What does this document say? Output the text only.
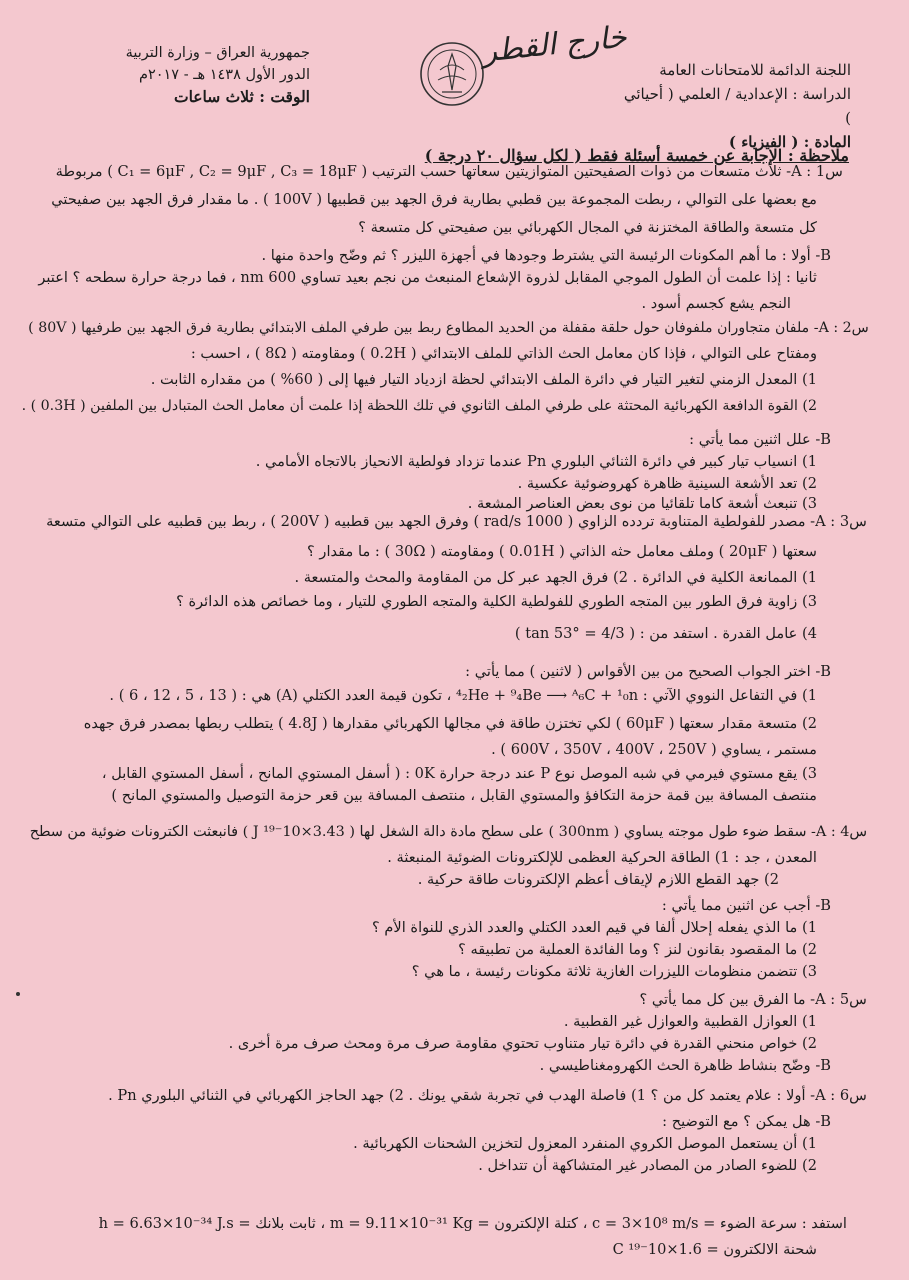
اللجنة الدائمة للامتحانات العامة
الدراسة : الإعدادية / العلمي ( أحيائي )
المادة : ( الفيزياء )
خارج القطر
جمهورية العراق – وزارة التربية
الدور الأول ١٤٣٨ هـ - ٢٠١٧م
الوقت : ثلاث ساعات
ملاحظة : الإجابة عن خمسة أسئلة فقط ( لكل سؤال ٢٠ درجة )
س1 : A- ثلاث متسعات من ذوات الصفيحتين المتوازيتين سعاتها حسب الترتيب ( C₁ = 6μF , C₂ = 9μF , C₃ = 18μF ) مربوطة
مع بعضها على التوالي ، ربطت المجموعة بين قطبي بطارية فرق الجهد بين قطبيها ( 100V ) . ما مقدار فرق الجهد بين صفيحتي
كل متسعة والطاقة المختزنة في المجال الكهربائي بين صفيحتي كل متسعة ؟
B- أولا : ما أهم المكونات الرئيسة التي يشترط وجودها في أجهزة الليزر ؟ ثم وضّح واحدة منها .
ثانيا : إذا علمت أن الطول الموجي المقابل لذروة الإشعاع المنبعث من نجم بعيد تساوي 600 nm ، فما درجة حرارة سطحه ؟ اعتبر
النجم يشع كجسم أسود .
س2 : A- ملفان متجاوران ملفوفان حول حلقة مقفلة من الحديد المطاوع ربط بين طرفي الملف الابتدائي بطارية فرق الجهد بين طرفيها ( 80V )
ومفتاح على التوالي ، فإذا كان معامل الحث الذاتي للملف الابتدائي ( 0.2H ) ومقاومته ( 8Ω ) ، احسب :
1) المعدل الزمني لتغير التيار في دائرة الملف الابتدائي لحظة ازدياد التيار فيها إلى ( 60% ) من مقداره الثابت .
2) القوة الدافعة الكهربائية المحتثة على طرفي الملف الثانوي في تلك اللحظة إذا علمت أن معامل الحث المتبادل بين الملفين ( 0.3H ) .
B- علل اثنين مما يأتي :
1) انسياب تيار كبير في دائرة الثنائي البلوري Pn عندما تزداد فولطية الانحياز بالاتجاه الأمامي .
2) تعد الأشعة السينية ظاهرة كهروضوئية عكسية .
3) تنبعث أشعة كاما تلقائيا من نوى بعض العناصر المشعة .
س3 : A- مصدر للفولطية المتناوبة تردده الزاوي ( 1000 rad/s ) وفرق الجهد بين قطبيه ( 200V ) ، ربط بين قطبيه على التوالي متسعة
سعتها ( 20μF ) وملف معامل حثه الذاتي ( 0.01H ) ومقاومته ( 30Ω ) : ما مقدار ؟
1) الممانعة الكلية في الدائرة . 2) فرق الجهد عبر كل من المقاومة والمحث والمتسعة .
3) زاوية فرق الطور بين المتجه الطوري للفولطية الكلية والمتجه الطوري للتيار ، وما خصائص هذه الدائرة ؟
4) عامل القدرة . استفد من : ( tan 53° = 4/3 )
B- اختر الجواب الصحيح من بين الأقواس ( لاثنين ) مما يأتي :
1) في التفاعل النووي الآتي : ⁴₂He + ⁹₄Be ⟶ ᴬ₆C + ¹₀n ، تكون قيمة العدد الكتلي (A) هي : ( 13 ، 5 ، 12 ، 6 ) .
2) متسعة مقدار سعتها ( 60μF ) لكي تختزن طاقة في مجالها الكهربائي مقدارها ( 4.8J ) يتطلب ربطها بمصدر فرق جهده
مستمر ، يساوي ( 600V ، 350V ، 400V ، 250V ) .
3) يقع مستوي فيرمي في شبه الموصل نوع P عند درجة حرارة 0K : ( أسفل المستوي المانح ، أسفل المستوي القابل ،
منتصف المسافة بين قمة حزمة التكافؤ والمستوي القابل ، منتصف المسافة بين قعر حزمة التوصيل والمستوي المانح )
س4 : A- سقط ضوء طول موجته يساوي ( 300nm ) على سطح مادة دالة الشغل لها ( 3.43×10⁻¹⁹ J ) فانبعثت الكترونات ضوئية من سطح
المعدن ، جد : 1) الطاقة الحركية العظمى للإلكترونات الضوئية المنبعثة .
2) جهد القطع اللازم لإيقاف أعظم الإلكترونات طاقة حركية .
B- أجب عن اثنين مما يأتي :
1) ما الذي يفعله إحلال ألفا في قيم العدد الكتلي والعدد الذري للنواة الأم ؟
2) ما المقصود بقانون لنز ؟ وما الفائدة العملية من تطبيقه ؟
3) تتضمن منظومات الليزرات الغازية ثلاثة مكونات رئيسة ، ما هي ؟
س5 : A- ما الفرق بين كل مما يأتي ؟
1) العوازل القطبية والعوازل غير القطبية .
2) خواص منحني القدرة في دائرة تيار متناوب تحتوي مقاومة صرف مرة ومحث صرف مرة أخرى .
B- وضّح بنشاط ظاهرة الحث الكهرومغناطيسي .
س6 : A- أولا : علام يعتمد كل من ؟ 1) فاصلة الهدب في تجربة شقي يونك . 2) جهد الحاجز الكهربائي في الثنائي البلوري Pn .
B- هل يمكن ؟ مع التوضيح :
1) أن يستعمل الموصل الكروي المنفرد المعزول لتخزين الشحنات الكهربائية .
2) للضوء الصادر من المصادر غير المتشاكهة أن تتداخل .
استفد : سرعة الضوء = c = 3×10⁸ m/s ، كتلة الإلكترون = m = 9.11×10⁻³¹ Kg ، ثابت بلانك = h = 6.63×10⁻³⁴ J.s
شحنة الالكترون = 1.6×10⁻¹⁹ C
